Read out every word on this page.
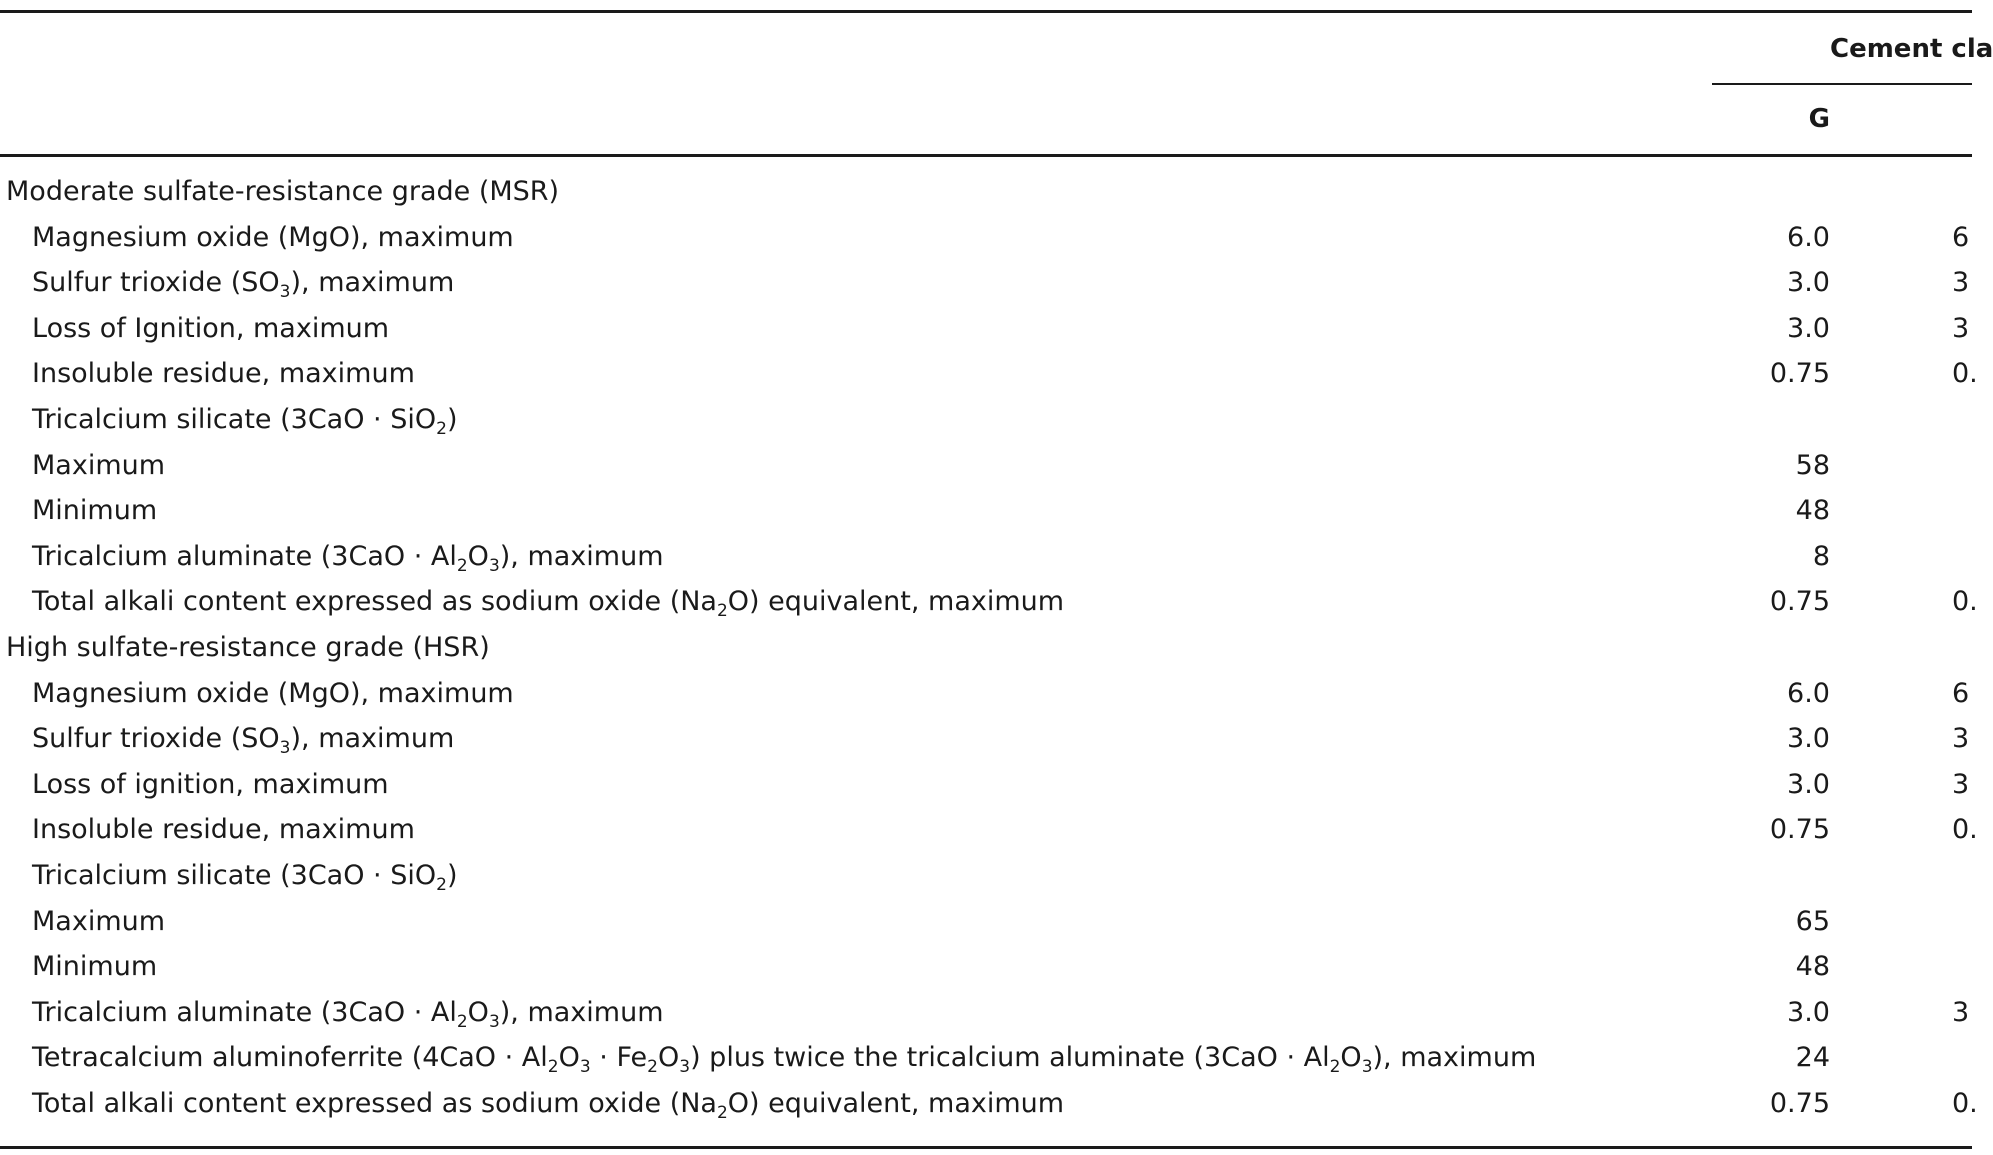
Cement cla
G
Moderate sulfate-resistance grade (MSR)
Magnesium oxide (MgO), maximum	6.0	6
Sulfur trioxide $(SO_3)$, maximum	3.0	3
Loss of Ignition, maximum	3.0	3
Insoluble residue, maximum	0.75	0.
Tricalcium silicate (3CaO · SiO$_2$)
Maximum	58
Minimum	48
Tricalcium aluminate $(3CaO \cdot Al_2O_3)$, maximum	8
Total alkali content expressed as sodium oxide $(Na_2O)$ equivalent, maximum	0.75	0.
High sulfate-resistance grade (HSR)
Magnesium oxide (MgO), maximum	6.0	6
Sulfur trioxide $(SO_3)$, maximum	3.0	3
Loss of ignition, maximum	3.0	3
Insoluble residue, maximum	0.75	0.
Tricalcium silicate (3CaO · SiO$_2$)
Maximum	65
Minimum	48
Tricalcium aluminate $(3CaO \cdot Al_2O_3)$, maximum	3.0	3
Tetracalcium aluminoferrite $(4CaO \cdot Al_2O_3 \cdot Fe_2O_3)$ plus twice the tricalcium aluminate $(3CaO \cdot Al_2O_3)$, maximum	24
Total alkali content expressed as sodium oxide $(Na_2O)$ equivalent, maximum	0.75	0.
